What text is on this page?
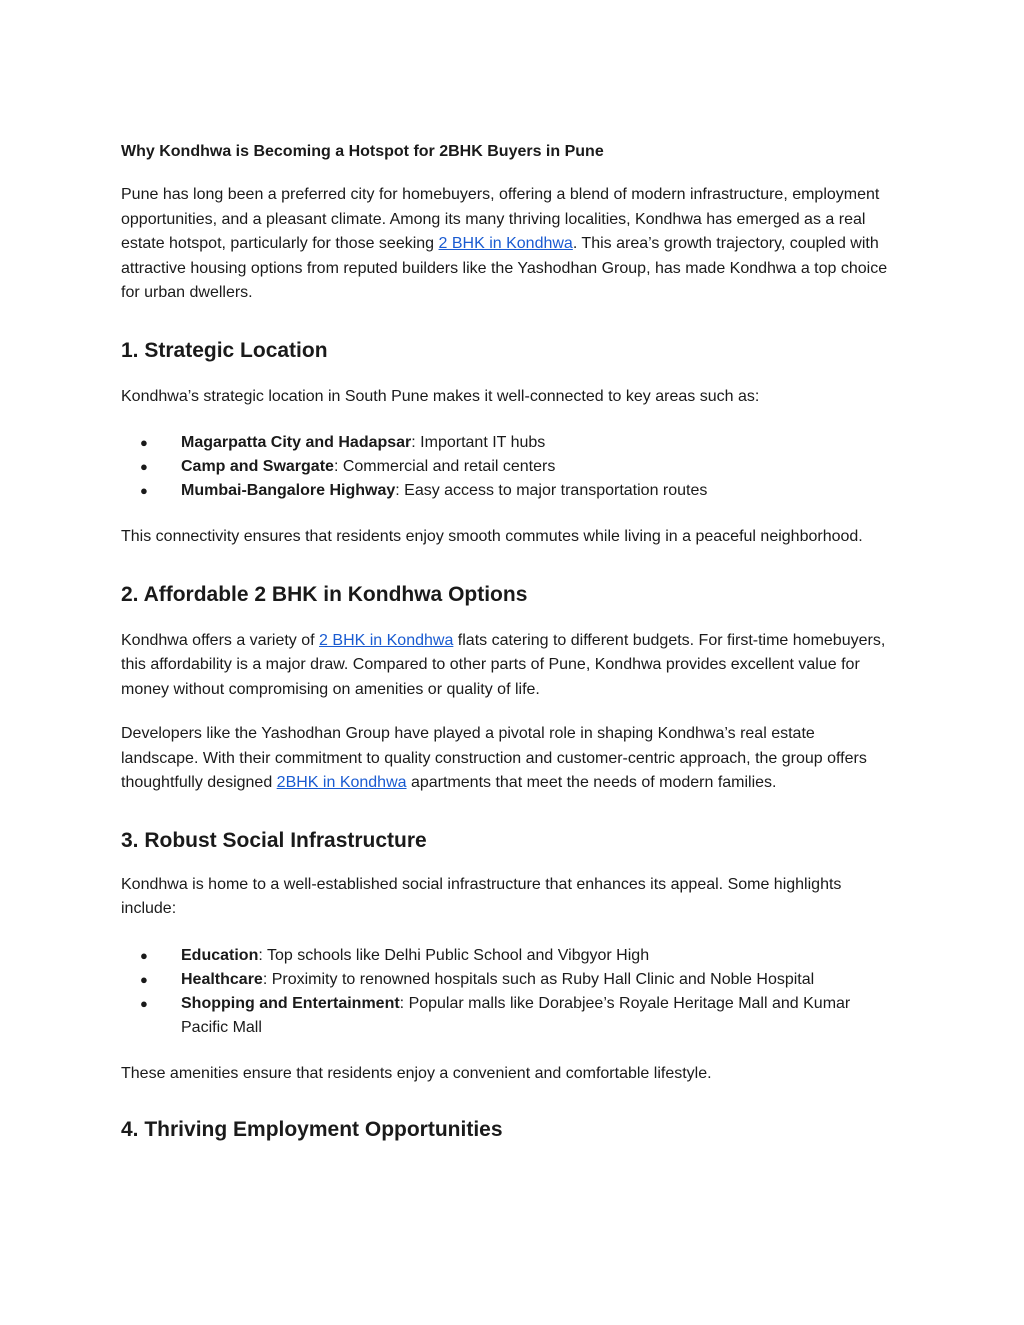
Why Kondhwa is Becoming a Hotspot for 2BHK Buyers in Pune

Pune has long been a preferred city for homebuyers, offering a blend of modern infrastructure, employment opportunities, and a pleasant climate. Among its many thriving localities, Kondhwa has emerged as a real estate hotspot, particularly for those seeking 2 BHK in Kondhwa. This area’s growth trajectory, coupled with attractive housing options from reputed builders like the Yashodhan Group, has made Kondhwa a top choice for urban dwellers.

1. Strategic Location

Kondhwa’s strategic location in South Pune makes it well-connected to key areas such as:

● Magarpatta City and Hadapsar: Important IT hubs
● Camp and Swargate: Commercial and retail centers
● Mumbai-Bangalore Highway: Easy access to major transportation routes

This connectivity ensures that residents enjoy smooth commutes while living in a peaceful neighborhood.

2. Affordable 2 BHK in Kondhwa Options

Kondhwa offers a variety of 2 BHK in Kondhwa flats catering to different budgets. For first-time homebuyers, this affordability is a major draw. Compared to other parts of Pune, Kondhwa provides excellent value for money without compromising on amenities or quality of life.

Developers like the Yashodhan Group have played a pivotal role in shaping Kondhwa’s real estate landscape. With their commitment to quality construction and customer-centric approach, the group offers thoughtfully designed 2BHK in Kondhwa apartments that meet the needs of modern families.

3. Robust Social Infrastructure

Kondhwa is home to a well-established social infrastructure that enhances its appeal. Some highlights include:

● Education: Top schools like Delhi Public School and Vibgyor High
● Healthcare: Proximity to renowned hospitals such as Ruby Hall Clinic and Noble Hospital
● Shopping and Entertainment: Popular malls like Dorabjee’s Royale Heritage Mall and Kumar Pacific Mall

These amenities ensure that residents enjoy a convenient and comfortable lifestyle.

4. Thriving Employment Opportunities
